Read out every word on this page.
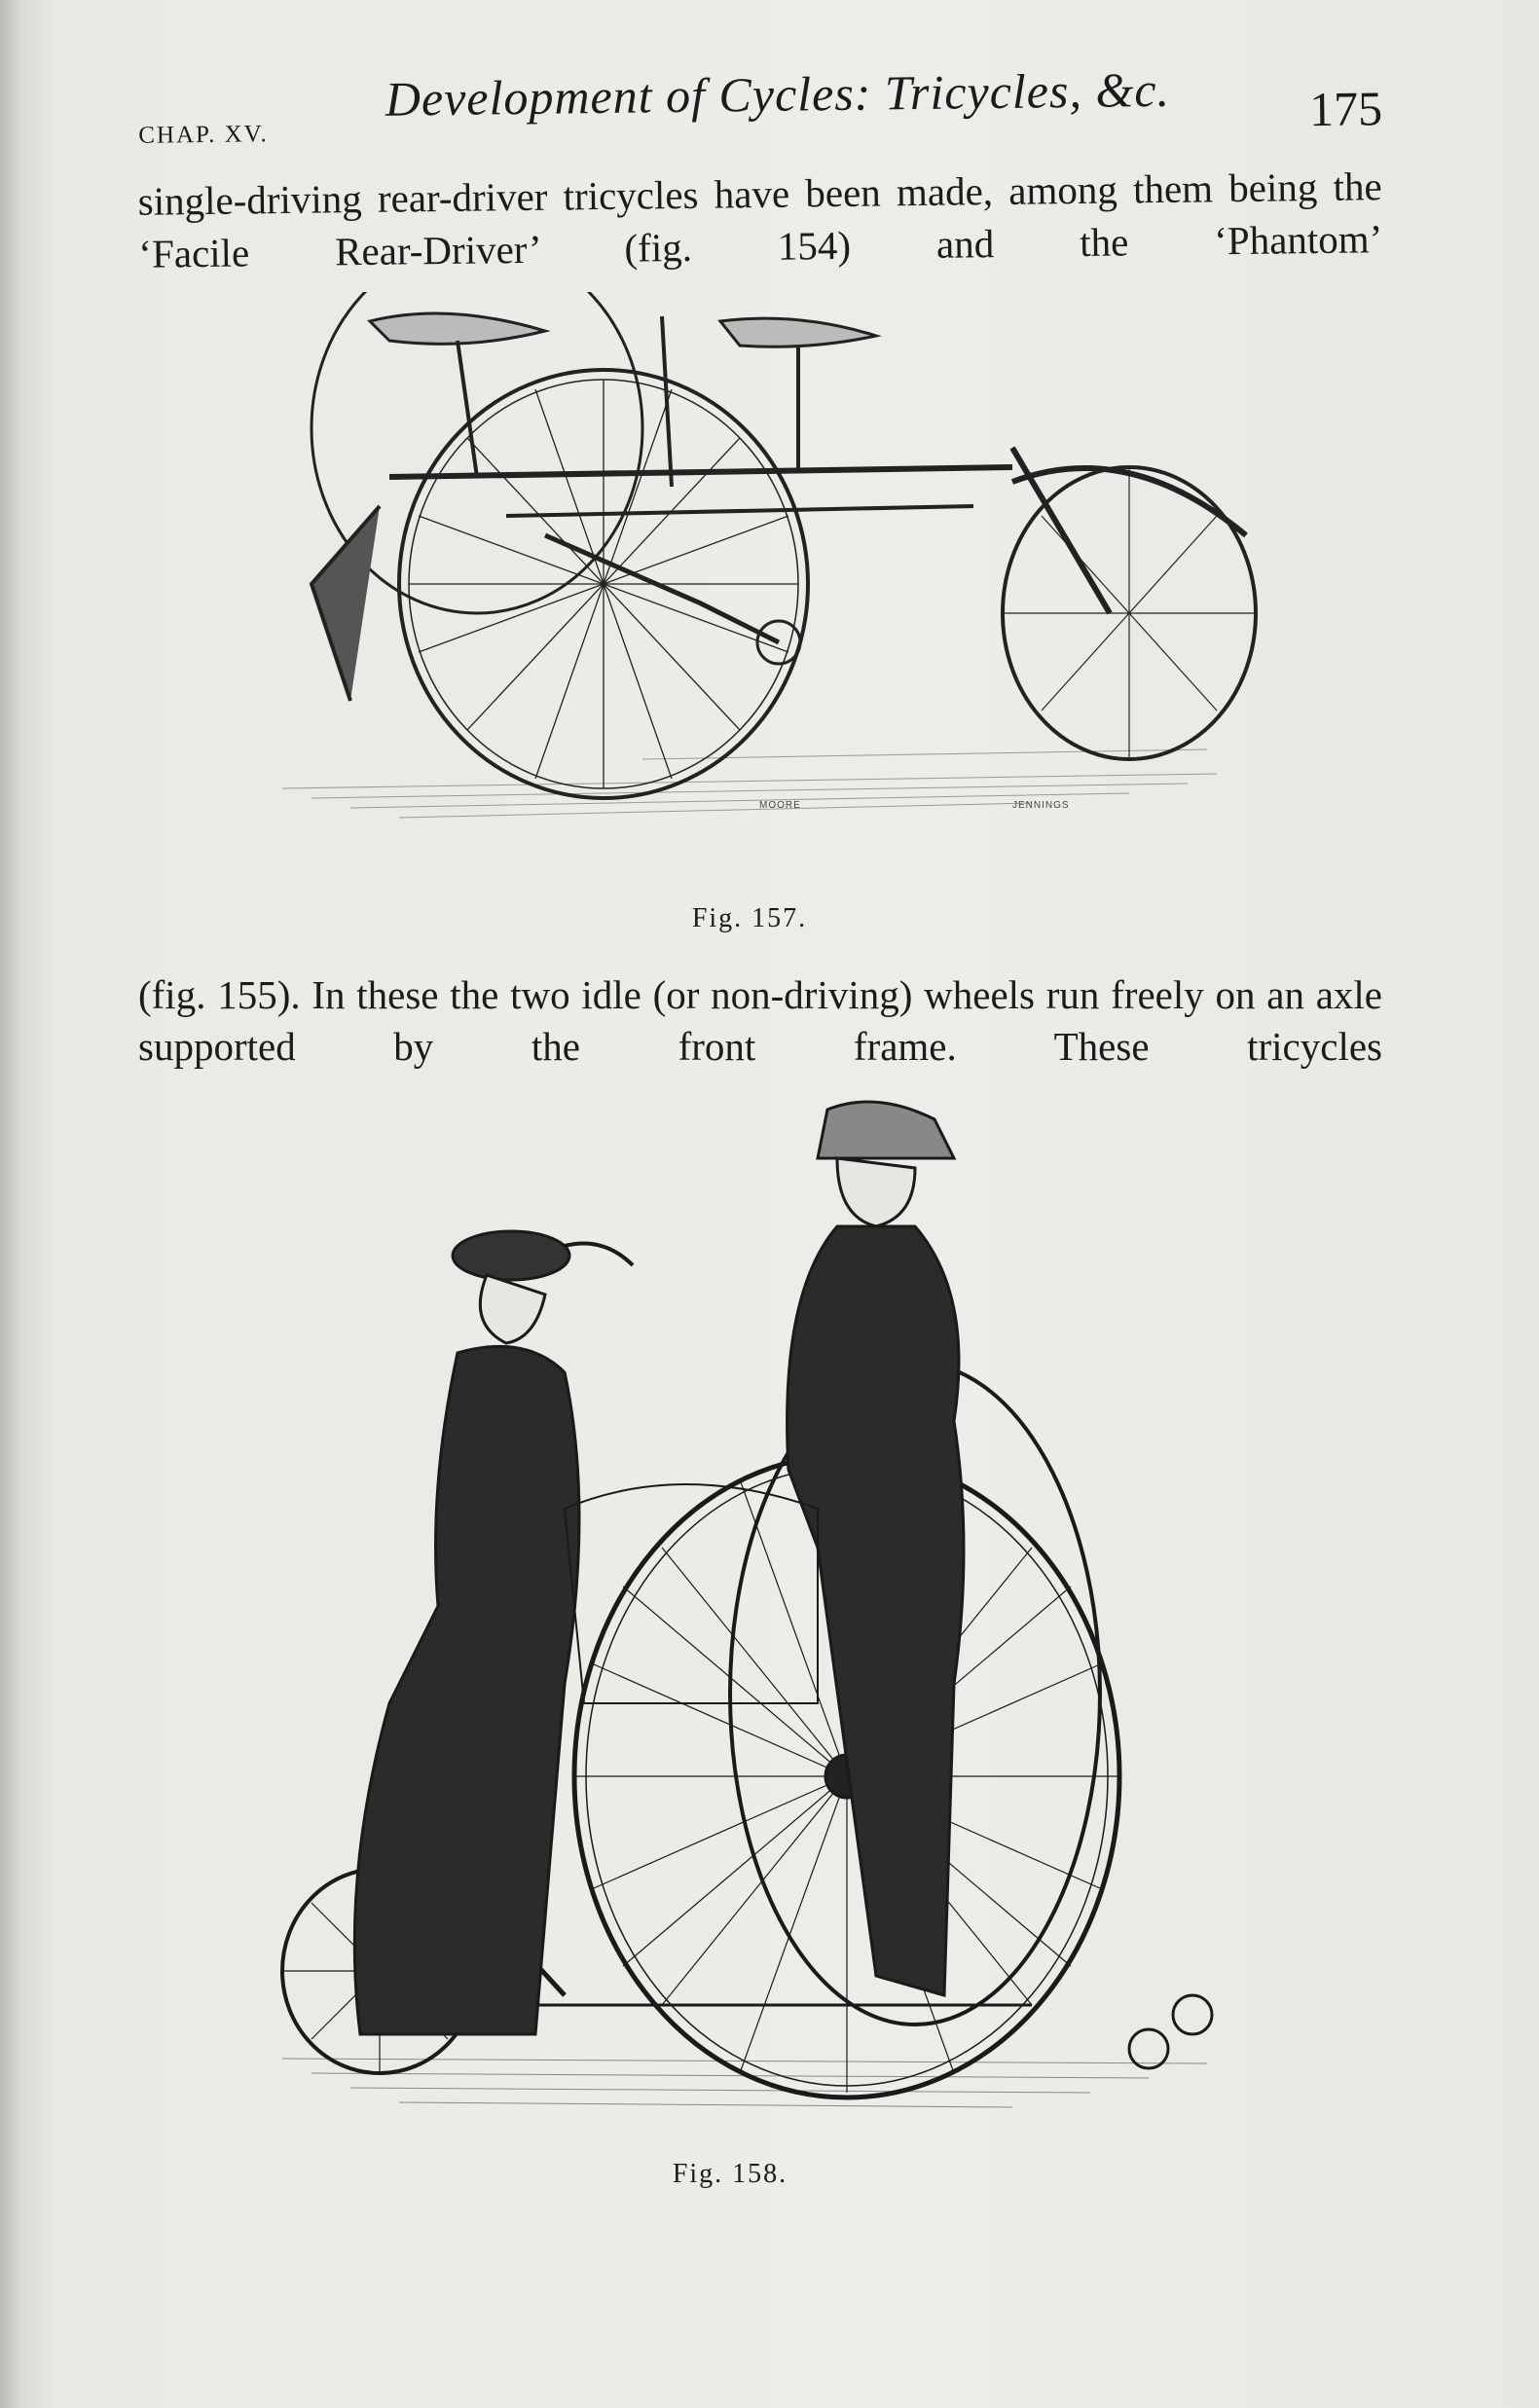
CHAP. XV.
Development of Cycles: Tricycles, &c.	175
single-driving rear-driver tricycles have been made, among them being the ‘Facile Rear-Driver’ (fig. 154) and the ‘Phantom’
MOORE	JENNINGS
Fig. 157.
(fig. 155). In these the two idle (or non-driving) wheels run freely on an axle supported by the front frame. These tricycles
Fig. 158.
